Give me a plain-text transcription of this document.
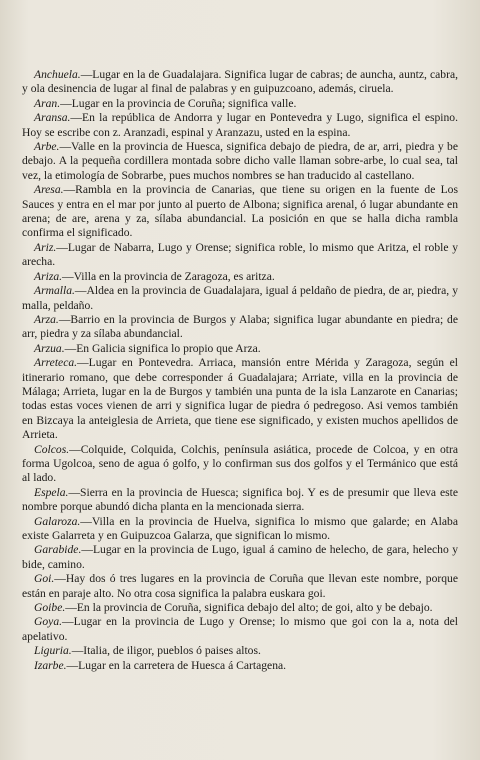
Anchuela.—Lugar en la de Guadalajara. Significa lugar de cabras; de auncha, auntz, cabra, y ola desinencia de lugar al final de palabras y en guipuzcoano, además, ciruela.

Aran.—Lugar en la provincia de Coruña; significa valle.

Aransa.—En la república de Andorra y lugar en Pontevedra y Lugo, significa el espino. Hoy se escribe con z. Aranzadi, espinal y Aranzazu, usted en la espina.

Arbe.—Valle en la provincia de Huesca, significa debajo de piedra, de ar, arri, piedra y be debajo. A la pequeña cordillera montada sobre dicho valle llaman sobre-arbe, lo cual sea, tal vez, la etimología de Sobrarbe, pues muchos nombres se han traducido al castellano.

Aresa.—Rambla en la provincia de Canarias, que tiene su origen en la fuente de Los Sauces y entra en el mar por junto al puerto de Albona; significa arenal, ó lugar abundante en arena; de are, arena y za, sílaba abundancial. La posición en que se halla dicha rambla confirma el significado.

Ariz.—Lugar de Nabarra, Lugo y Orense; significa roble, lo mismo que Aritza, el roble y arecha.

Ariza.—Villa en la provincia de Zaragoza, es aritza.

Armalla.—Aldea en la provincia de Guadalajara, igual á peldaño de piedra, de ar, piedra, y malla, peldaño.

Arza.—Barrio en la provincia de Burgos y Alaba; significa lugar abundante en piedra; de arr, piedra y za sílaba abundancial.

Arzua.—En Galicia significa lo propio que Arza.

Arreteca.—Lugar en Pontevedra. Arriaca, mansión entre Mérida y Zaragoza, según el itinerario romano, que debe corresponder á Guadalajara; Arriate, villa en la provincia de Málaga; Arrieta, lugar en la de Burgos y también una punta de la isla Lanzarote en Canarias; todas estas voces vienen de arri y significa lugar de piedra ó pedregoso. Asi vemos también en Bizcaya la anteiglesia de Arrieta, que tiene ese significado, y existen muchos apellidos de Arrieta.

Colcos.—Colquide, Colquida, Colchis, península asiática, procede de Colcoa, y en otra forma Ugolcoa, seno de agua ó golfo, y lo confirman sus dos golfos y el Termánico que está al lado.

Espela.—Sierra en la provincia de Huesca; significa boj. Y es de presumir que lleva este nombre porque abundó dicha planta en la mencionada sierra.

Galaroza.—Villa en la provincia de Huelva, significa lo mismo que galarde; en Alaba existe Galarreta y en Guipuzcoa Galarza, que significan lo mismo.

Garabide.—Lugar en la provincia de Lugo, igual á camino de helecho, de gara, helecho y bide, camino.

Goi.—Hay dos ó tres lugares en la provincia de Coruña que llevan este nombre, porque están en paraje alto. No otra cosa significa la palabra euskara goi.

Goibe.—En la provincia de Coruña, significa debajo del alto; de goi, alto y be debajo.

Goya.—Lugar en la provincia de Lugo y Orense; lo mismo que goi con la a, nota del apelativo.

Liguria.—Italia, de iligor, pueblos ó paises altos.

Izarbe.—Lugar en la carretera de Huesca á Cartagena.
